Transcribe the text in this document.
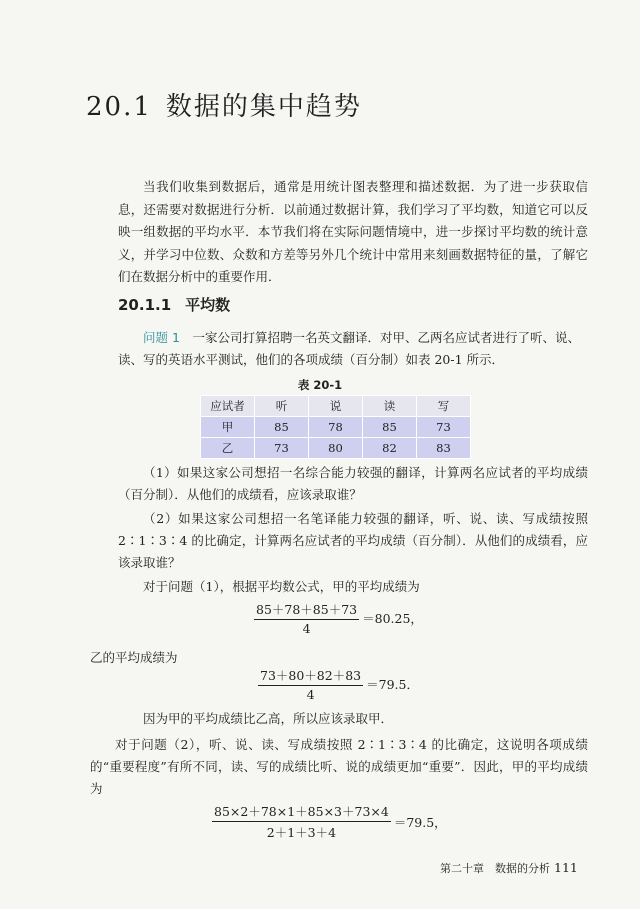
20.1 数据的集中趋势

当我们收集到数据后，通常是用统计图表整理和描述数据．为了进一步获取信息，还需要对数据进行分析．以前通过数据计算，我们学习了平均数，知道它可以反映一组数据的平均水平．本节我们将在实际问题情境中，进一步探讨平均数的统计意义，并学习中位数、众数和方差等另外几个统计中常用来刻画数据特征的量，了解它们在数据分析中的重要作用．

20.1.1 平均数

问题 1　 一家公司打算招聘一名英文翻译．对甲、乙两名应试者进行了听、说、读、写的英语水平测试，他们的各项成绩（百分制）如表 20-1 所示．

表 20-1
应试者	听	说	读	写
甲	85	78	85	73
乙	73	80	82	83

（1）如果这家公司想招一名综合能力较强的翻译，计算两名应试者的平均成绩（百分制）．从他们的成绩看，应该录取谁？

（2）如果这家公司想招一名笔译能力较强的翻译，听、说、读、写成绩按照 2∶1∶3∶4 的比确定，计算两名应试者的平均成绩（百分制）．从他们的成绩看，应该录取谁？

对于问题（1），根据平均数公式，甲的平均成绩为

$\frac{85+78+85+73}{4} =80.25$，

乙的平均成绩为

$\frac{73+80+82+83}{4} =79.5$．

因为甲的平均成绩比乙高，所以应该录取甲．

对于问题（2），听、说、读、写成绩按照 2∶1∶3∶4 的比确定，这说明各项成绩的“重要程度”有所不同，读、写的成绩比听、说的成绩更加“重要”．因此，甲的平均成绩为

$\frac{85\times 2+78\times 1+85\times 3+73\times 4}{2+1+3+4} =79.5$，
第二十章　数据的分析 111
